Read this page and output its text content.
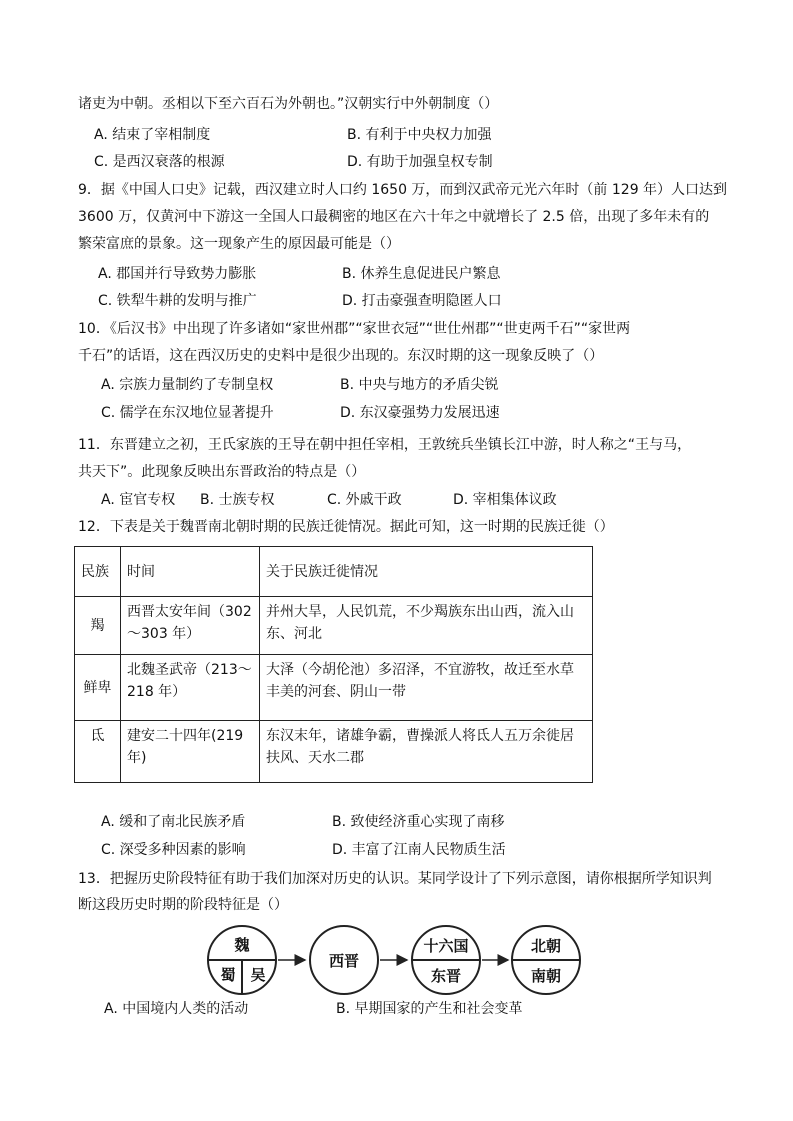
诸吏为中朝。丞相以下至六百石为外朝也。”汉朝实行中外朝制度（）
A. 结束了宰相制度	B. 有利于中央权力加强
C. 是西汉衰落的根源	D. 有助于加强皇权专制
9．据《中国人口史》记载，西汉建立时人口约 1650 万，而到汉武帝元光六年时（前 129 年）人口达到
3600 万，仅黄河中下游这一全国人口最稠密的地区在六十年之中就增长了 2.5 倍，出现了多年未有的
繁荣富庶的景象。这一现象产生的原因最可能是（）
A. 郡国并行导致势力膨胀	B. 休养生息促进民户繁息
C. 铁犁牛耕的发明与推广	D. 打击豪强查明隐匿人口
10．《后汉书》中出现了许多诸如“家世州郡”“家世衣冠”“世仕州郡”“世吏两千石”“家世两
千石”的话语，这在西汉历史的史料中是很少出现的。东汉时期的这一现象反映了（）
A. 宗族力量制约了专制皇权	B. 中央与地方的矛盾尖锐
C. 儒学在东汉地位显著提升	D. 东汉豪强势力发展迅速
11．东晋建立之初，王氏家族的王导在朝中担任宰相，王敦统兵坐镇长江中游，时人称之“王与马，
共天下”。此现象反映出东晋政治的特点是（）
A. 宦官专权 B. 士族专权	C. 外戚干政	D. 宰相集体议政
12．下表是关于魏晋南北朝时期的民族迁徙情况。据此可知，这一时期的民族迁徙（）
民族	时间	关于民族迁徙情况
羯	西晋太安年间（302～303 年）	并州大旱，人民饥荒，不少羯族东出山西，流入山东、河北
鲜卑	北魏圣武帝（213～218 年）	大泽（今胡伦池）多沼泽，不宜游牧，故迁至水草丰美的河套、阴山一带
氐	建安二十四年(219 年)	东汉末年，诸雄争霸，曹操派人将氐人五万余徙居扶风、天水二郡
A. 缓和了南北民族矛盾	B. 致使经济重心实现了南移
C. 深受多种因素的影响	D. 丰富了江南人民物质生活
13．把握历史阶段特征有助于我们加深对历史的认识。某同学设计了下列示意图，请你根据所学知识判
断这段历史时期的阶段特征是（）
魏
蜀 吴
西晋
十六国
东晋
北朝
南朝
A. 中国境内人类的活动	B. 早期国家的产生和社会变革
